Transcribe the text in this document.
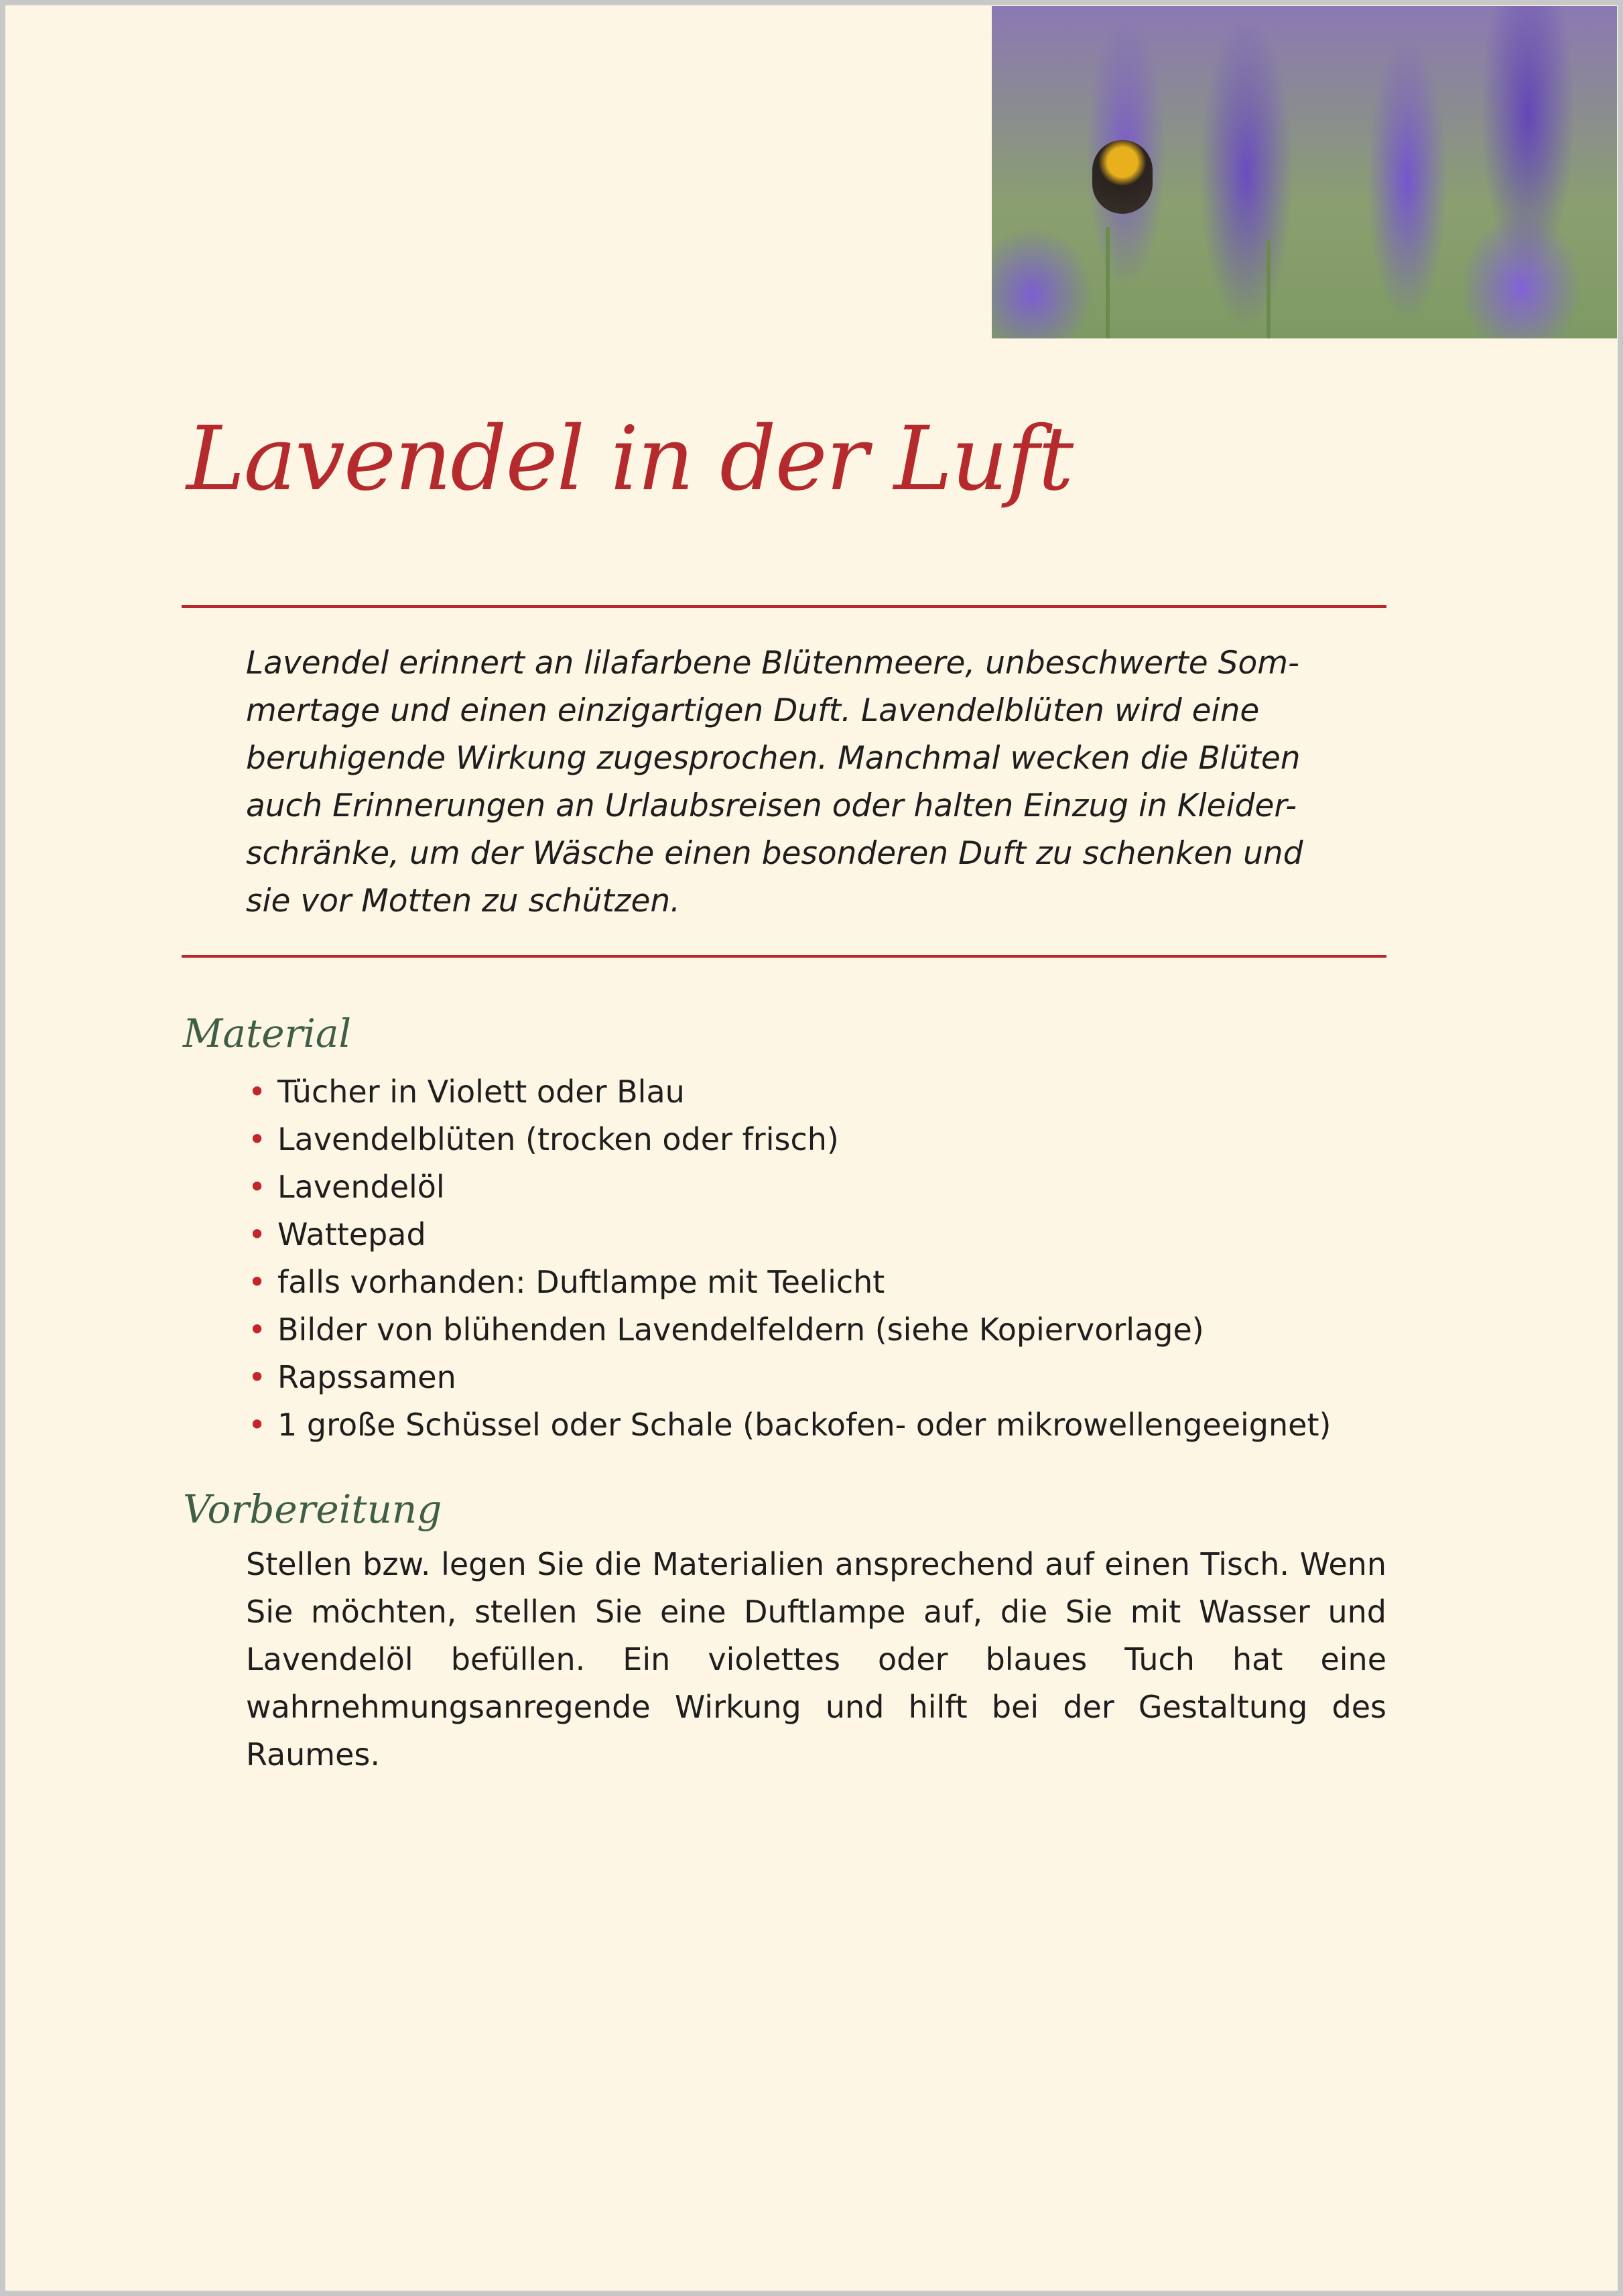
Lavendel in der Luft
Lavendel erinnert an lilafarbene Blütenmeere, unbeschwerte Som-
mertage und einen einzigartigen Duft. Lavendelblüten wird eine
beruhigende Wirkung zugesprochen. Manchmal wecken die Blüten
auch Erinnerungen an Urlaubsreisen oder halten Einzug in Kleider-
schränke, um der Wäsche einen besonderen Duft zu schenken und
sie vor Motten zu schützen.
Material
• Tücher in Violett oder Blau
• Lavendelblüten (trocken oder frisch)
• Lavendelöl
• Wattepad
• falls vorhanden: Duftlampe mit Teelicht
• Bilder von blühenden Lavendelfeldern (siehe Kopiervorlage)
• Rapssamen
• 1 große Schüssel oder Schale (backofen- oder mikrowellengeeignet)
Vorbereitung

Stellen bzw. legen Sie die Materialien ansprechend auf einen Tisch. Wenn Sie möchten, stellen Sie eine Duftlampe auf, die Sie mit Wasser und Lavendelöl befüllen. Ein violettes oder blaues Tuch hat eine wahrnehmungsanregende Wirkung und hilft bei der Gestaltung des Raumes.
